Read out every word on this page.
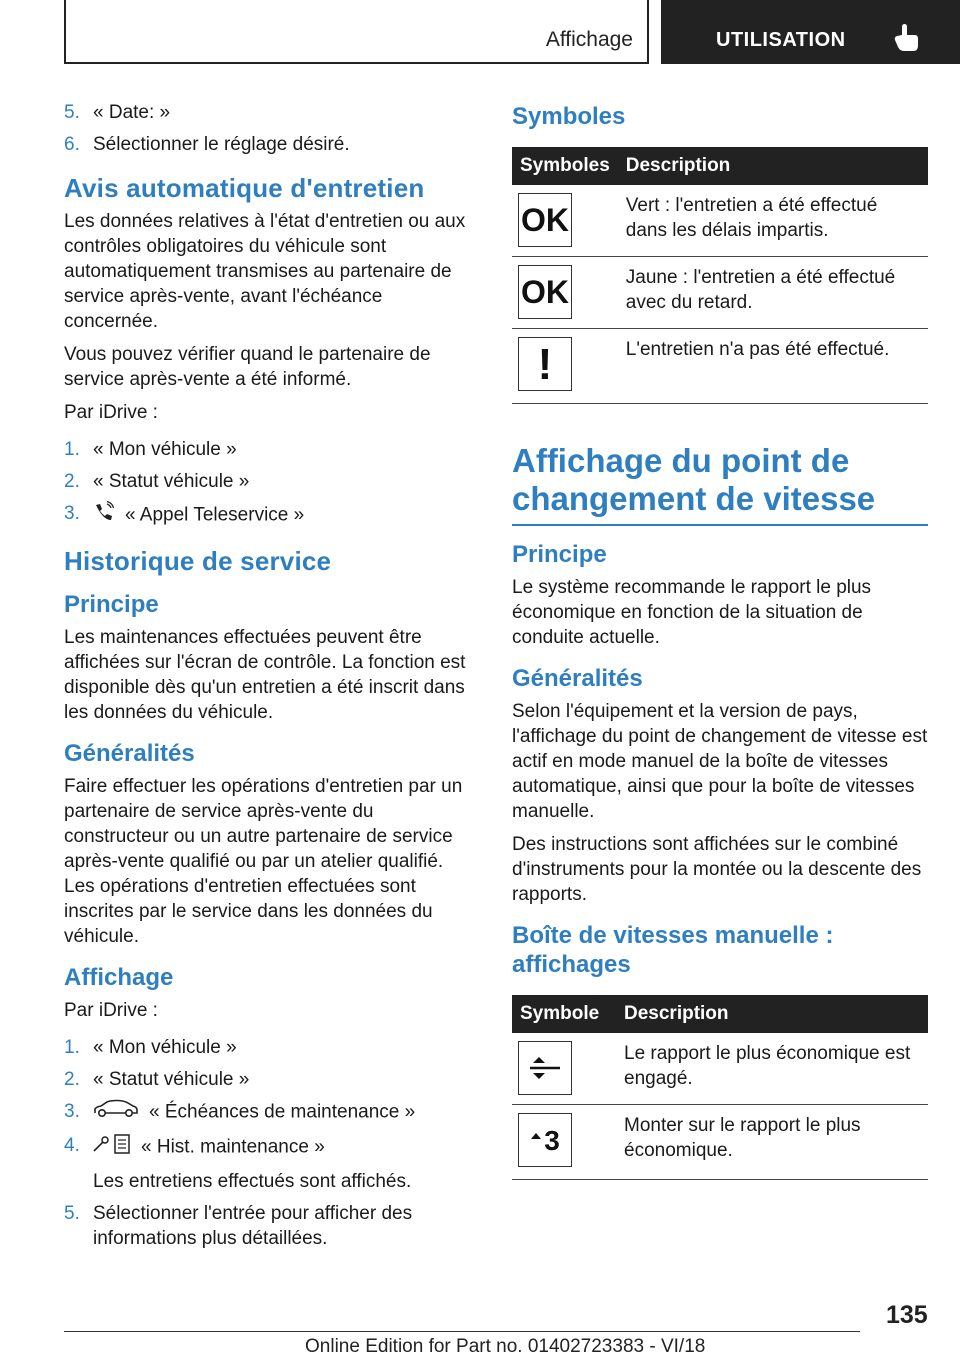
Affichage	UTILISATION
5. « Date: »
6. Sélectionner le réglage désiré.
Avis automatique d'entretien

Les données relatives à l'état d'entretien ou aux contrôles obligatoires du véhicule sont automatiquement transmises au partenaire de service après-vente, avant l'échéance concernée.

Vous pouvez vérifier quand le partenaire de service après-vente a été informé.

Par iDrive :

1. « Mon véhicule »
2. « Statut véhicule »
3. « Appel Teleservice »
Historique de service
Principe

Les maintenances effectuées peuvent être affichées sur l'écran de contrôle. La fonction est disponible dès qu'un entretien a été inscrit dans les données du véhicule.

Généralités

Faire effectuer les opérations d'entretien par un partenaire de service après-vente du constructeur ou un autre partenaire de service après-vente qualifié ou par un atelier qualifié. Les opérations d'entretien effectuées sont inscrites par le service dans les données du véhicule.

Affichage

Par iDrive :

1. « Mon véhicule »
2. « Statut véhicule »
3.	« Échéances de maintenance »
4.	« Hist. maintenance »
Les entretiens effectués sont affichés.
5. Sélectionner l'entrée pour afficher des informations plus détaillées.
Symboles
Symboles	Description

OK	Vert : l'entretien a été effectué dans les délais impartis.

OK	Jaune : l'entretien a été effectué avec du retard.

!	L'entretien n'a pas été effectué.
Affichage du point de changement de vitesse
Principe

Le système recommande le rapport le plus économique en fonction de la situation de conduite actuelle.

Généralités

Selon l'équipement et la version de pays, l'affichage du point de changement de vitesse est actif en mode manuel de la boîte de vitesses automatique, ainsi que pour la boîte de vitesses manuelle.

Des instructions sont affichées sur le combiné d'instruments pour la montée ou la descente des rapports.

Boîte de vitesses manuelle : affichages
Symbole	Description

	Le rapport le plus économique est engagé.

3	Monter sur le rapport le plus économique.
135
Online Edition for Part no. 01402723383 - VI/18
